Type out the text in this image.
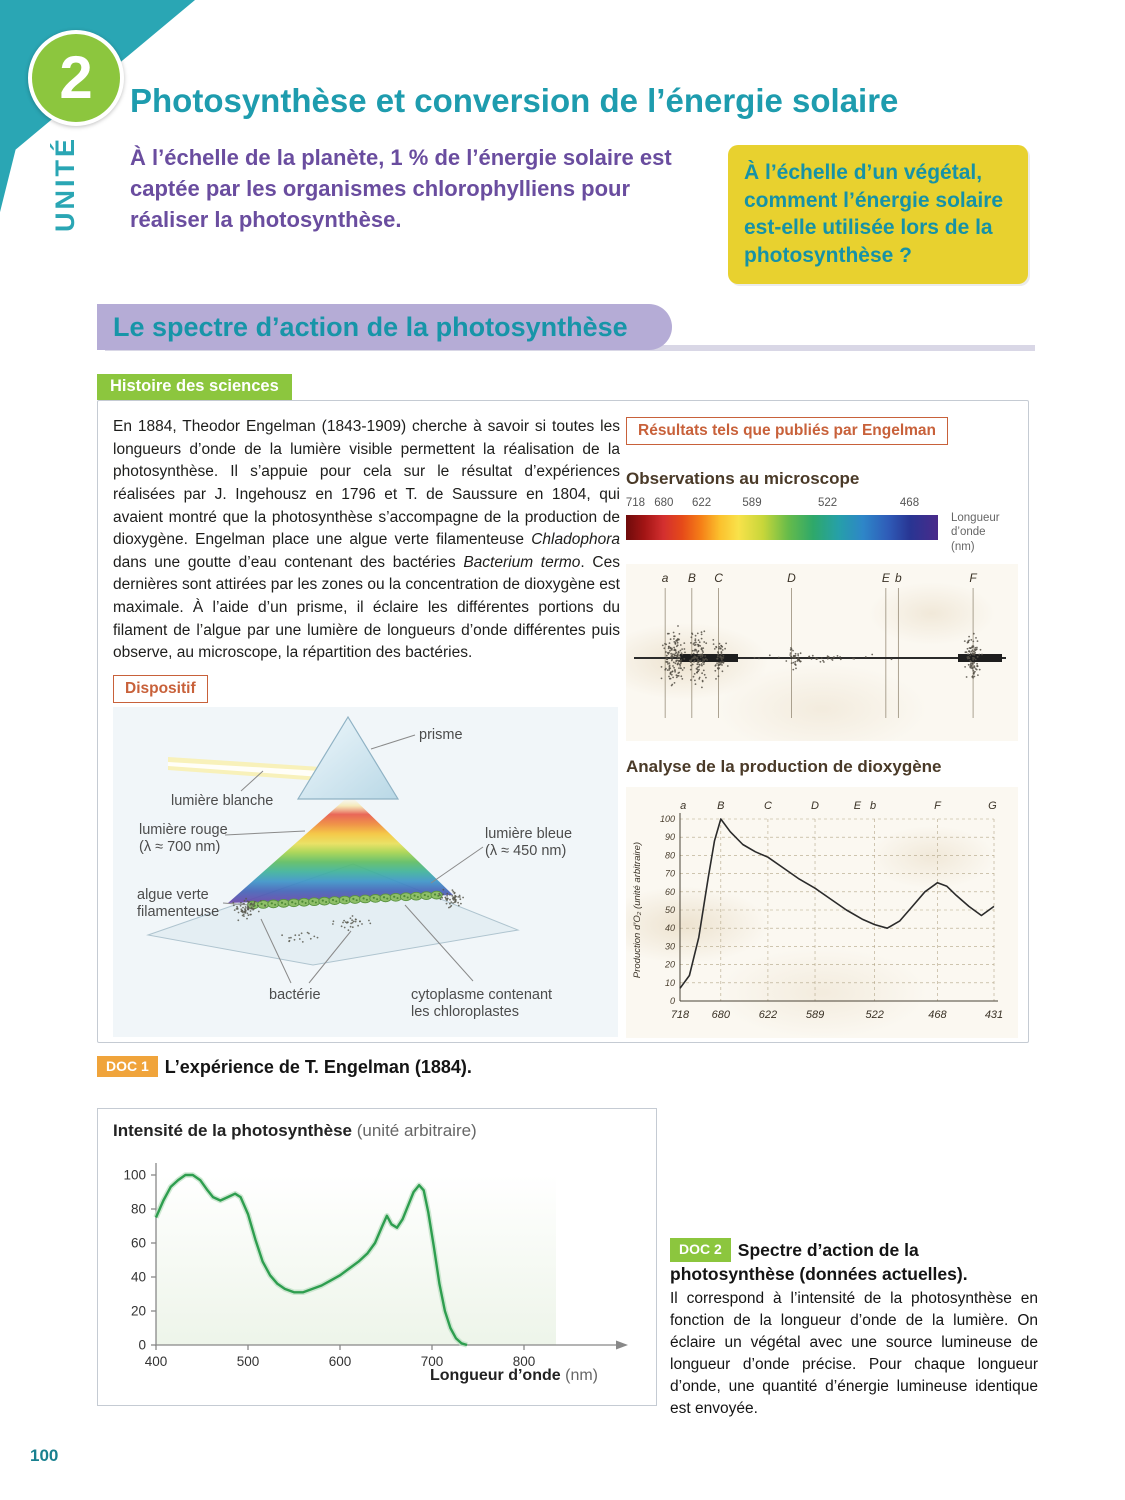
2
UNITÉ
Photosynthèse et conversion de l’énergie solaire

À l’échelle de la planète, 1 % de l’énergie solaire est captée par les organismes chlorophylliens pour réaliser la photosynthèse.

À l’échelle d’un végétal, comment l’énergie solaire est-elle utilisée lors de la photosynthèse ?
Le spectre d’action de la photosynthèse
Histoire des sciences

En 1884, Theodor Engelman (1843-1909) cherche à savoir si toutes les longueurs d’onde de la lumière visible permettent la réalisation de la photosynthèse. Il s’appuie pour cela sur le résultat d’expériences réalisées par J. Ingehousz en 1796 et T. de Saussure en 1804, qui avaient montré que la photosynthèse s’accompagne de la production de dioxygène. Engelman place une algue verte filamenteuse Chladophora dans une goutte d’eau contenant des bactéries Bacterium termo. Ces dernières sont attirées par les zones ou la concentration de dioxygène est maximale. À l’aide d’un prisme, il éclaire les différentes portions du filament de l’algue par une lumière de longueurs d’onde différentes puis observe, au microscope, la répartition des bactéries.

Dispositif
prisme
lumière blanche
lumière rouge
(λ ≈ 700 nm)
lumière bleue
(λ ≈ 450 nm)
algue verte
filamenteuse
bactérie	cytoplasme contenant
les chloroplastes
Résultats tels que publiés par Engelman
Observations au microscope
718 680 622	589	522	468
Longueur
d’onde
(nm)
a B C	D	E b	F
Analyse de la production de dioxygène
0
10
20
30
40
50
60
70
80
90
100
718 680	622	589	522	468	431
a	B	C	D	E b	F	G
Production d’O₂ (unité arbitraire)
DOC 1 L’expérience de T. Engelman (1884).
Intensité de la photosynthèse (unité arbitraire)
0
20
40
60
80
100
400	500	600	700	800
Longueur d’onde (nm)

DOC 2 Spectre d’action de la photosynthèse (données actuelles).

Il correspond à l’intensité de la photosynthèse en fonction de la longueur d’onde de la lumière. On éclaire un végétal avec une source lumineuse de longueur d’onde précise. Pour chaque longueur d’onde, une quantité d’énergie lumineuse identique est envoyée.

100
